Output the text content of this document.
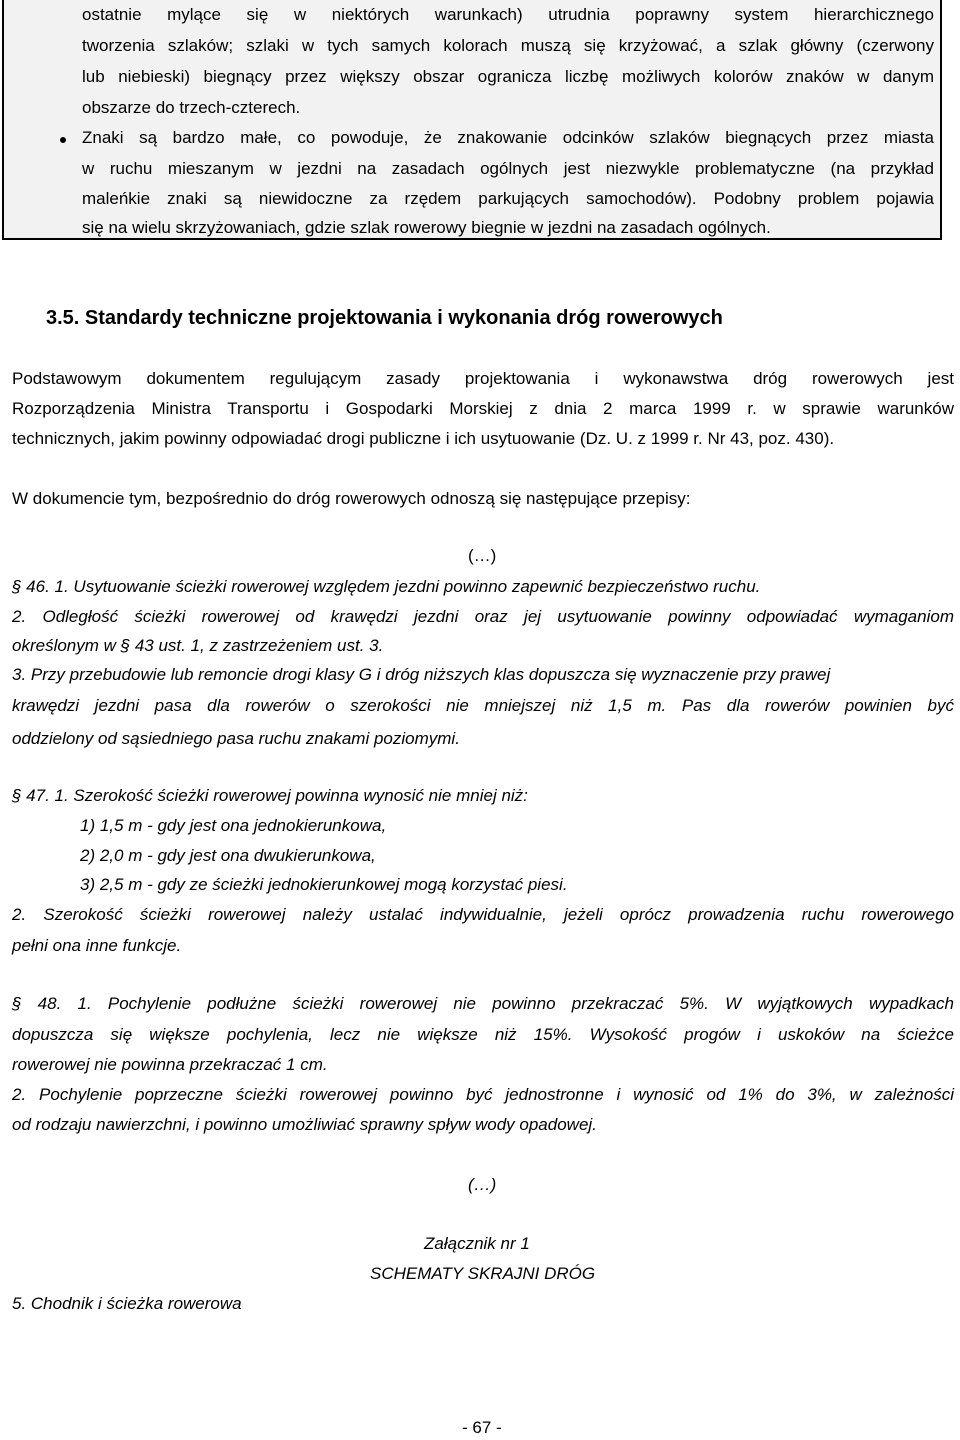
ostatnie mylące się w niektórych warunkach) utrudnia poprawny system hierarchicznego
tworzenia szlaków; szlaki w tych samych kolorach muszą się krzyżować, a szlak główny (czerwony
lub niebieski) biegnący przez większy obszar ogranicza liczbę możliwych kolorów znaków w danym
obszarze do trzech-czterech.
Znaki są bardzo małe, co powoduje, że znakowanie odcinków szlaków biegnących przez miasta
w ruchu mieszanym w jezdni na zasadach ogólnych jest niezwykle problematyczne (na przykład
maleńkie znaki są niewidoczne za rzędem parkujących samochodów). Podobny problem pojawia
się na wielu skrzyżowaniach, gdzie szlak rowerowy biegnie w jezdni na zasadach ogólnych.
3.5. Standardy techniczne projektowania i wykonania dróg rowerowych
Podstawowym dokumentem regulującym zasady projektowania i wykonawstwa dróg rowerowych jest
Rozporządzenia Ministra Transportu i Gospodarki Morskiej z dnia 2 marca 1999 r. w sprawie warunków
technicznych, jakim powinny odpowiadać drogi publiczne i ich usytuowanie (Dz. U. z 1999 r. Nr 43, poz. 430).
W dokumencie tym, bezpośrednio do dróg rowerowych odnoszą się następujące przepisy:
(…)
§ 46. 1. Usytuowanie ścieżki rowerowej względem jezdni powinno zapewnić bezpieczeństwo ruchu.
2. Odległość ścieżki rowerowej od krawędzi jezdni oraz jej usytuowanie powinny odpowiadać wymaganiom
określonym w § 43 ust. 1, z zastrzeżeniem ust. 3.
3. Przy przebudowie lub remoncie drogi klasy G i dróg niższych klas dopuszcza się wyznaczenie przy prawej
krawędzi jezdni pasa dla rowerów o szerokości nie mniejszej niż 1,5 m. Pas dla rowerów powinien być
oddzielony od sąsiedniego pasa ruchu znakami poziomymi.
§ 47. 1. Szerokość ścieżki rowerowej powinna wynosić nie mniej niż:
1) 1,5 m - gdy jest ona jednokierunkowa,
2) 2,0 m - gdy jest ona dwukierunkowa,
3) 2,5 m - gdy ze ścieżki jednokierunkowej mogą korzystać piesi.
2. Szerokość ścieżki rowerowej należy ustalać indywidualnie, jeżeli oprócz prowadzenia ruchu rowerowego
pełni ona inne funkcje.
§ 48. 1. Pochylenie podłużne ścieżki rowerowej nie powinno przekraczać 5%. W wyjątkowych wypadkach
dopuszcza się większe pochylenia, lecz nie większe niż 15%. Wysokość progów i uskoków na ścieżce
rowerowej nie powinna przekraczać 1 cm.
2. Pochylenie poprzeczne ścieżki rowerowej powinno być jednostronne i wynosić od 1% do 3%, w zależności
od rodzaju nawierzchni, i powinno umożliwiać sprawny spływ wody opadowej.
(…)
Załącznik nr 1
SCHEMATY SKRAJNI DRÓG
5. Chodnik i ścieżka rowerowa
- 67 -
